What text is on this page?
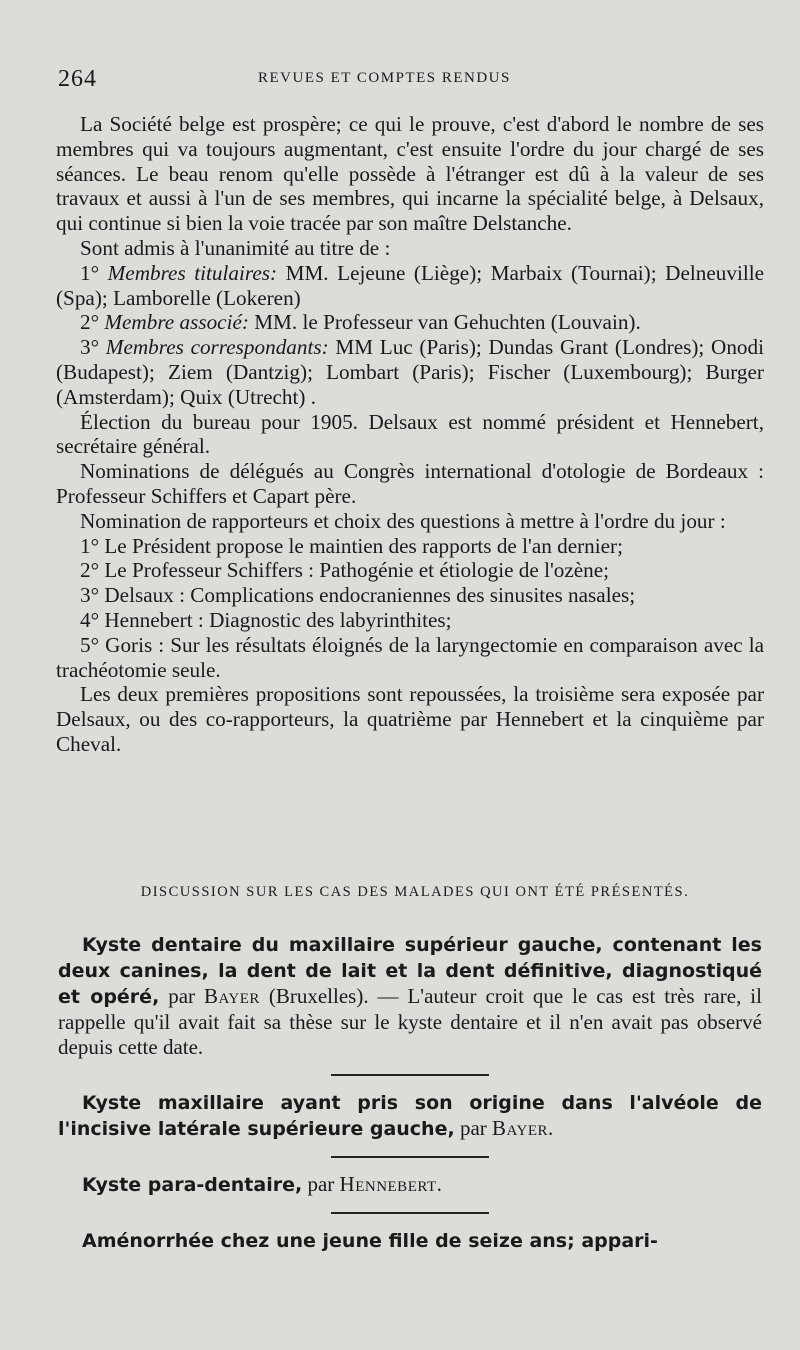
264	REVUES ET COMPTES RENDUS

La Société belge est prospère; ce qui le prouve, c'est d'abord le nombre de ses membres qui va toujours augmentant, c'est ensuite l'ordre du jour chargé de ses séances. Le beau renom qu'elle possède à l'étranger est dû à la valeur de ses travaux et aussi à l'un de ses membres, qui incarne la spécialité belge, à Delsaux, qui continue si bien la voie tracée par son maître Delstanche.

Sont admis à l'unanimité au titre de :

1° Membres titulaires: MM. Lejeune (Liège); Marbaix (Tournai); Delneuville (Spa); Lamborelle (Lokeren)

2° Membre associé: MM. le Professeur van Gehuchten (Louvain).

3° Membres correspondants: MM Luc (Paris); Dundas Grant (Londres); Onodi (Budapest); Ziem (Dantzig); Lombart (Paris); Fischer (Luxembourg); Burger (Amsterdam); Quix (Utrecht) .

Élection du bureau pour 1905. Delsaux est nommé président et Hennebert, secrétaire général.

Nominations de délégués au Congrès international d'otologie de Bordeaux : Professeur Schiffers et Capart père.

Nomination de rapporteurs et choix des questions à mettre à l'ordre du jour :

1° Le Président propose le maintien des rapports de l'an dernier;

2° Le Professeur Schiffers : Pathogénie et étiologie de l'ozène;

3° Delsaux : Complications endocraniennes des sinusites nasales;

4° Hennebert : Diagnostic des labyrinthites;

5° Goris : Sur les résultats éloignés de la laryngectomie en comparaison avec la trachéotomie seule.

Les deux premières propositions sont repoussées, la troisième sera exposée par Delsaux, ou des co-rapporteurs, la quatrième par Hennebert et la cinquième par Cheval.

DISCUSSION SUR LES CAS DES MALADES QUI ONT ÉTÉ PRÉSENTÉS.

Kyste dentaire du maxillaire supérieur gauche, contenant les deux canines, la dent de lait et la dent définitive, diagnostiqué et opéré, par Bayer (Bruxelles). — L'auteur croit que le cas est très rare, il rappelle qu'il avait fait sa thèse sur le kyste dentaire et il n'en avait pas observé depuis cette date.

Kyste maxillaire ayant pris son origine dans l'alvéole de l'incisive latérale supérieure gauche, par Bayer.

Kyste para-dentaire, par Hennebert.

Aménorrhée chez une jeune fille de seize ans; appari-
